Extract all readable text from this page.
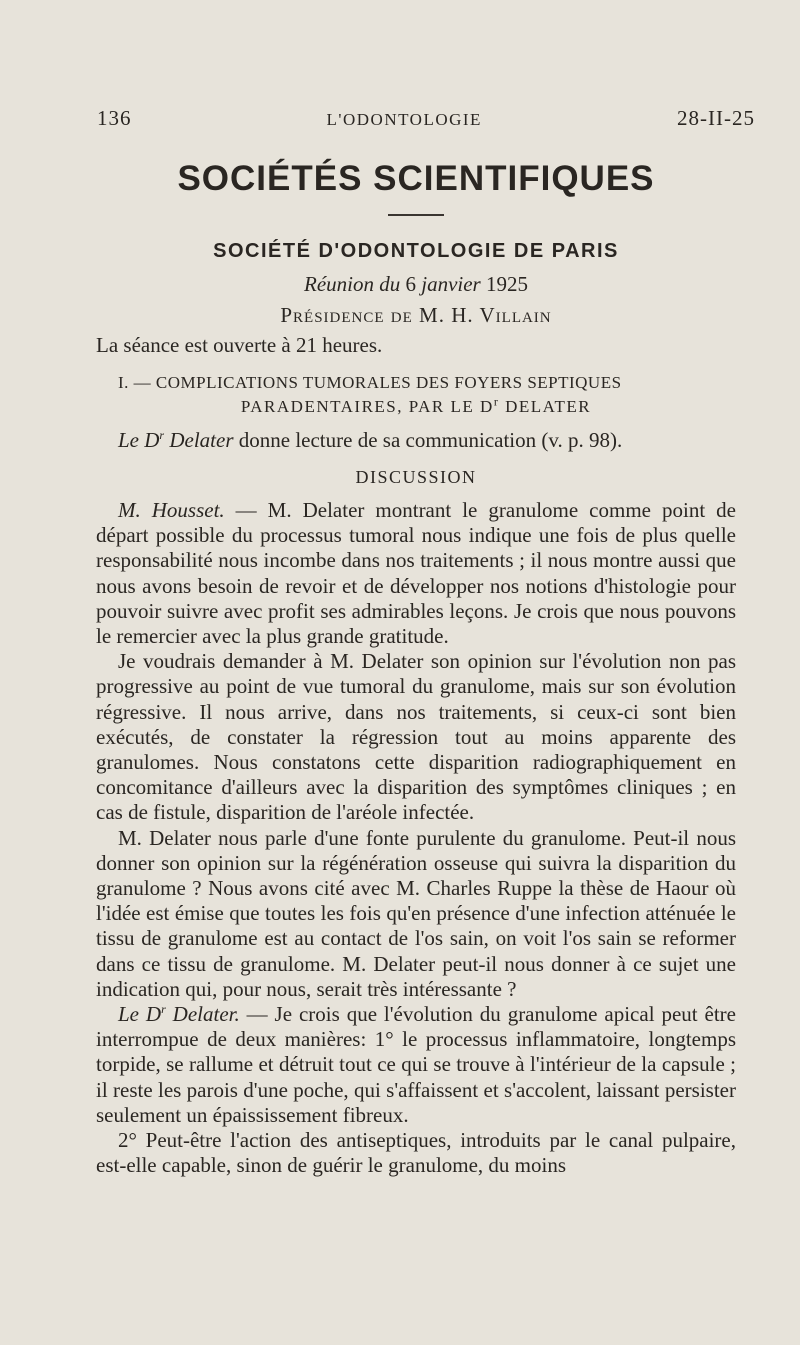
136	L'ODONTOLOGIE	28-II-25
SOCIÉTÉS SCIENTIFIQUES
SOCIÉTÉ D'ODONTOLOGIE DE PARIS
Réunion du 6 janvier 1925
Présidence de M. H. Villain
La séance est ouverte à 21 heures.
I. — COMPLICATIONS TUMORALES DES FOYERS SEPTIQUES
PARADENTAIRES, PAR LE $D^r$ DELATER
Le $D^r$ Delater donne lecture de sa communication (v. p. 98).
DISCUSSION

M. Housset. — M. Delater montrant le granulome comme point de départ possible du processus tumoral nous indique une fois de plus quelle responsabilité nous incombe dans nos traitements ; il nous montre aussi que nous avons besoin de revoir et de développer nos notions d'histologie pour pouvoir suivre avec profit ses admirables leçons. Je crois que nous pouvons le remercier avec la plus grande gratitude.

Je voudrais demander à M. Delater son opinion sur l'évolution non pas progressive au point de vue tumoral du granulome, mais sur son évolution régressive. Il nous arrive, dans nos traitements, si ceux-ci sont bien exécutés, de constater la régression tout au moins apparente des granulomes. Nous constatons cette disparition radiographiquement en concomitance d'ailleurs avec la disparition des symptômes cliniques ; en cas de fistule, disparition de l'aréole infectée.

M. Delater nous parle d'une fonte purulente du granulome. Peut-il nous donner son opinion sur la régénération osseuse qui suivra la disparition du granulome ? Nous avons cité avec M. Charles Ruppe la thèse de Haour où l'idée est émise que toutes les fois qu'en présence d'une infection atténuée le tissu de granulome est au contact de l'os sain, on voit l'os sain se reformer dans ce tissu de granulome. M. Delater peut-il nous donner à ce sujet une indication qui, pour nous, serait très intéressante ?

Le $D^r$ Delater. — Je crois que l'évolution du granulome apical peut être interrompue de deux manières: 1° le processus inflammatoire, longtemps torpide, se rallume et détruit tout ce qui se trouve à l'intérieur de la capsule ; il reste les parois d'une poche, qui s'affaissent et s'accolent, laissant persister seulement un épaississement fibreux.

2° Peut-être l'action des antiseptiques, introduits par le canal pulpaire, est-elle capable, sinon de guérir le granulome, du moins
